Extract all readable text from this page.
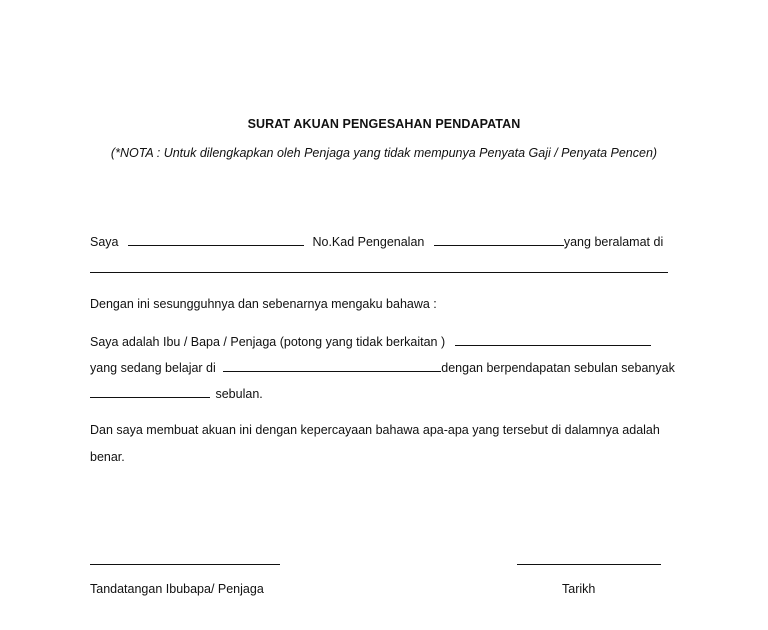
SURAT AKUAN PENGESAHAN PENDAPATAN
(*NOTA : Untuk dilengkapkan oleh Penjaga yang tidak mempunya Penyata Gaji / Penyata Pencen)
Saya	No.Kad Pengenalan	yang beralamat di
Dengan ini sesungguhnya dan sebenarnya mengaku bahawa :
Saya adalah Ibu / Bapa / Penjaga (potong yang tidak berkaitan )
yang sedang belajar di	dengan berpendapatan sebulan sebanyak
sebulan.
Dan saya membuat akuan ini dengan kepercayaan bahawa apa-apa yang tersebut di dalamnya adalah
benar.
Tandatangan Ibubapa/ Penjaga	Tarikh
